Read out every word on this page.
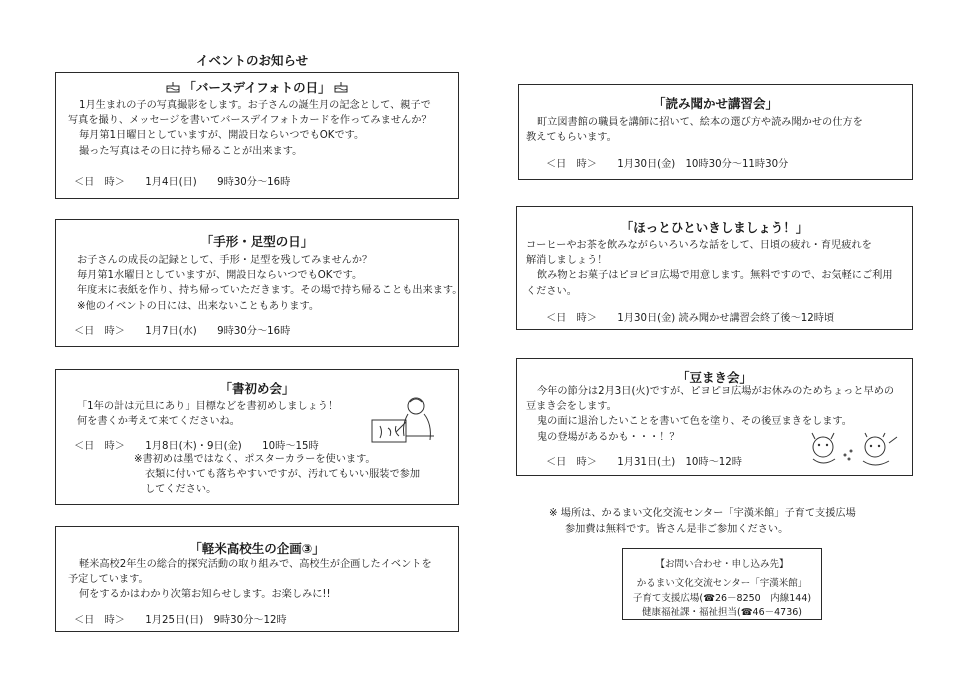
イベントのお知らせ
「バースデイフォトの日」
1月生まれの子の写真撮影をします。お子さんの誕生月の記念として、親子で
写真を撮り、メッセージを書いてバースデイフォトカードを作ってみませんか？
毎月第1日曜日としていますが、開設日ならいつでもOKです。
撮った写真はその日に持ち帰ることが出来ます。
＜日　時＞　　1月4日(日)　　9時30分～16時
「手形・足型の日」
お子さんの成長の記録として、手形・足型を残してみませんか？
毎月第1水曜日としていますが、開設日ならいつでもOKです。
年度末に表紙を作り、持ち帰っていただきます。その場で持ち帰ることも出来ます。
※他のイベントの日には、出来ないこともあります。
＜日　時＞　　1月7日(水)　　9時30分～16時
「書初め会」
「1年の計は元旦にあり」目標などを書初めしましょう！
何を書くか考えて来てくださいね。
＜日　時＞　　1月8日(木)・9日(金)　　10時～15時
※書初めは墨ではなく、ポスターカラーを使います。
衣類に付いても落ちやすいですが、汚れてもいい服装で参加
してください。
「軽米高校生の企画③」
軽米高校2年生の総合的探究活動の取り組みで、高校生が企画したイベントを
予定しています。
何をするかはわかり次第お知らせします。お楽しみに!!
＜日　時＞　　1月25日(日)　9時30分～12時
「読み聞かせ講習会」
町立図書館の職員を講師に招いて、絵本の選び方や読み聞かせの仕方を
教えてもらいます。
＜日　時＞　　1月30日(金)　10時30分～11時30分
「ほっとひといきしましょう！」
コーヒーやお茶を飲みながらいろいろな話をして、日頃の疲れ・育児疲れを
解消しましょう！
飲み物とお菓子はピヨピヨ広場で用意します。無料ですので、お気軽にご利用
ください。
＜日　時＞　　1月30日(金) 読み聞かせ講習会終了後～12時頃
「豆まき会」
今年の節分は2月3日(火)ですが、ピヨピヨ広場がお休みのためちょっと早めの
豆まき会をします。
鬼の面に退治したいことを書いて色を塗り、その後豆まきをします。
鬼の登場があるかも・・・！？
＜日　時＞　　1月31日(土)　10時～12時
※ 場所は、かるまい文化交流センター「宇漢米館」子育て支援広場
参加費は無料です。皆さん是非ご参加ください。
【お問い合わせ・申し込み先】
かるまい文化交流センター「宇漢米館」
子育て支援広場(☎26－8250　内線144)
健康福祉課・福祉担当(☎46－4736)
